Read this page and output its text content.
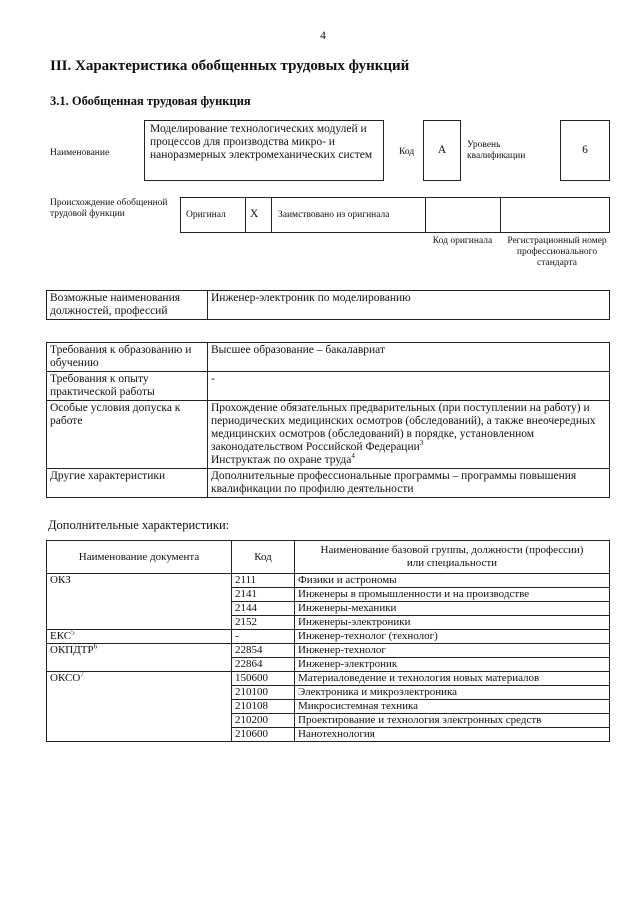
4
III. Характеристика обобщенных трудовых функций
3.1. Обобщенная трудовая функция
Наименование
Моделирование технологических модулей и процессов для производства микро- и наноразмерных электромеханических систем	Код А Уровень квалификации	6
Происхождение обобщенной трудовой функции	Оригинал Х Заимствовано из оригинала
Код оригинала	Регистрационный номер профессионального стандарта
Возможные наименования должностей, профессий	Инженер-электроник по моделированию
Требования к образованию и обучению	Высшее образование – бакалавриат
Требования к опыту практической работы	-
Особые условия допуска к работе	Прохождение обязательных предварительных (при поступлении на работу) и периодических медицинских осмотров (обследований), а также внеочередных медицинских осмотров (обследований) в порядке, установленном законодательством Российской Федерации$^3$
Инструктаж по охране труда$^4$
Другие характеристики	Дополнительные профессиональные программы – программы повышения квалификации по профилю деятельности
Дополнительные характеристики:
Наименование документа	Код	Наименование базовой группы, должности (профессии) или специальности
ОКЗ	2111	Физики и астрономы
	2141	Инженеры в промышленности и на производстве
	2144	Инженеры-механики
	2152	Инженеры-электроники
ЕКС$^5$	-	Инженер-технолог (технолог)
ОКПДТР$^6$	22854	Инженер-технолог
	22864	Инженер-электроник
ОКСО$^7$	150600	Материаловедение и технология новых материалов
	210100	Электроника и микроэлектроника
	210108	Микросистемная техника
	210200	Проектирование и технология электронных средств
	210600	Нанотехнология
